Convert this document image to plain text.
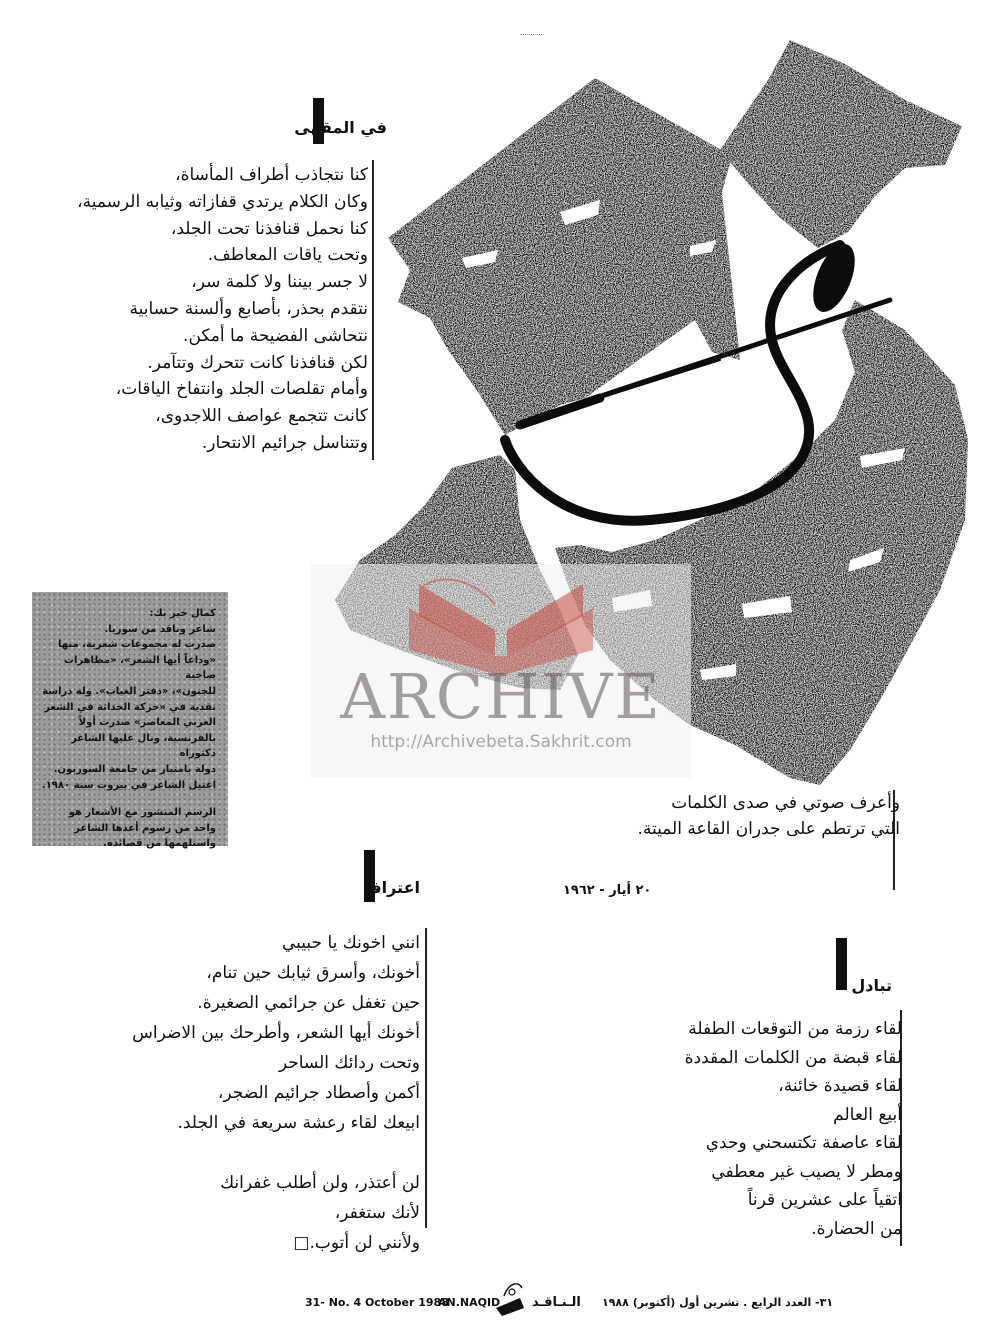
ARCHIVE
http://Archivebeta.Sakhrit.com
في المقهى
كنا نتجاذب أطراف المأساة،
وكان الكلام يرتدي قفازاته وثيابه الرسمية،
كنا نحمل قنافذنا تحت الجلد،
وتحت ياقات المعاطف.
لا جسر بيننا ولا كلمة سر،
نتقدم بحذر، بأصابع وألسنة حسابية
نتحاشى الفضيحة ما أمكن.
لكن قنافذنا كانت تتحرك وتتآمر.
وأمام تقلصات الجلد وانتفاخ الياقات،
كانت تتجمع عواصف اللاجدوى،
وتتناسل جرائيم الانتحار.
كمال خير بك:
شاعر وناقد من سوريا.
صدرت له مجموعات شعرية، منها
«وداعاً أيها الشعر»، «مظاهرات صاخبة
للجنون»، «دفتر الغياب». وله دراسة
نقدية في «حركة الحداثة في الشعر
العربي المعاصر» صدرت أولاً
بالفرنسية، ونال عليها الشاعر دكتوراه
دولة بامتياز من جامعة السوربون.
اغتيل الشاعر في بيروت سنة ١٩٨٠.
الرسم المنشور مع الأشعار هو
واحد من رسوم أعدها الشاعر
واستلهمها من قصائده.
وأعرف صوتي في صدى الكلمات
التي ترتطم على جدران القاعة الميتة.
٢٠ أيار - ١٩٦٢
اعتراف
انني اخونك يا حبيبي
أخونك، وأسرق ثيابك حين تنام،
حين تغفل عن جرائمي الصغيرة.
أخونك أيها الشعر، وأطرحك بين الاضراس
وتحت ردائك الساحر
أكمن وأصطاد جرائيم الضجر،
ابيعك لقاء رعشة سريعة في الجلد.
لن أعتذر، ولن أطلب غفرانك
لأنك ستغفر،
ولأنني لن أتوب.□
تبادل
لقاء رزمة من التوقعات الطفلة
لقاء قبضة من الكلمات المقددة
لقاء قصيدة خائنة،
أبيع العالم
لقاء عاصفة تكتسحني وحدي
ومطر لا يصيب غير معطفي
اتقياً على عشرين قرناً
من الحضارة.
31- No. 4 October 1988
AN.NAQID الـنـاقـد ٣١- العدد الرابع . تشرين أول (أكتوبر) ١٩٨٨
